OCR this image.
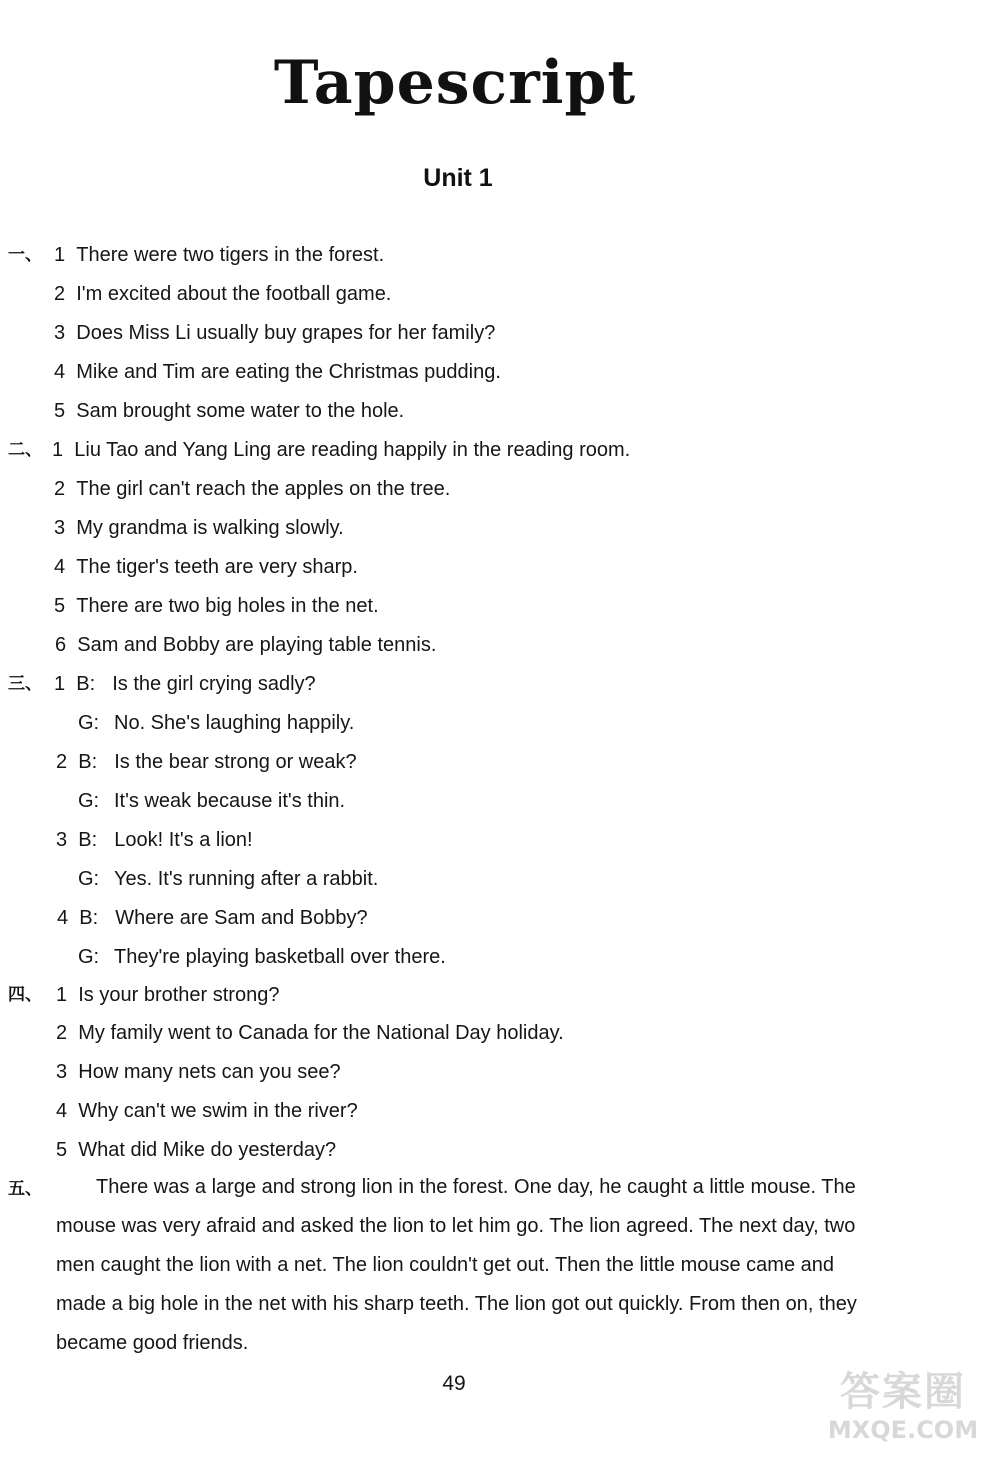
Tapescript
Unit 1
一、 1 There were two tigers in the forest.
2 I'm excited about the football game.
3 Does Miss Li usually buy grapes for her family?
4 Mike and Tim are eating the Christmas pudding.
5 Sam brought some water to the hole.
二、 1 Liu Tao and Yang Ling are reading happily in the reading room.
2 The girl can't reach the apples on the tree.
3 My grandma is walking slowly.
4 The tiger's teeth are very sharp.
5 There are two big holes in the net.
6 Sam and Bobby are playing table tennis.
三、 1 B: Is the girl crying sadly?
G: No. She's laughing happily.
2 B: Is the bear strong or weak?
G: It's weak because it's thin.
3 B: Look! It's a lion!
G: Yes. It's running after a rabbit.
4 B: Where are Sam and Bobby?
G: They're playing basketball over there.
四、 1 Is your brother strong?
2 My family went to Canada for the National Day holiday.
3 How many nets can you see?
4 Why can't we swim in the river?
5 What did Mike do yesterday?
五、	There was a large and strong lion in the forest. One day, he caught a little mouse. The mouse was very afraid and asked the lion to let him go. The lion agreed. The next day, two men caught the lion with a net. The lion couldn't get out. Then the little mouse came and made a big hole in the net with his sharp teeth. The lion got out quickly. From then on, they became good friends.

49	答案圈
MXQE.COM
